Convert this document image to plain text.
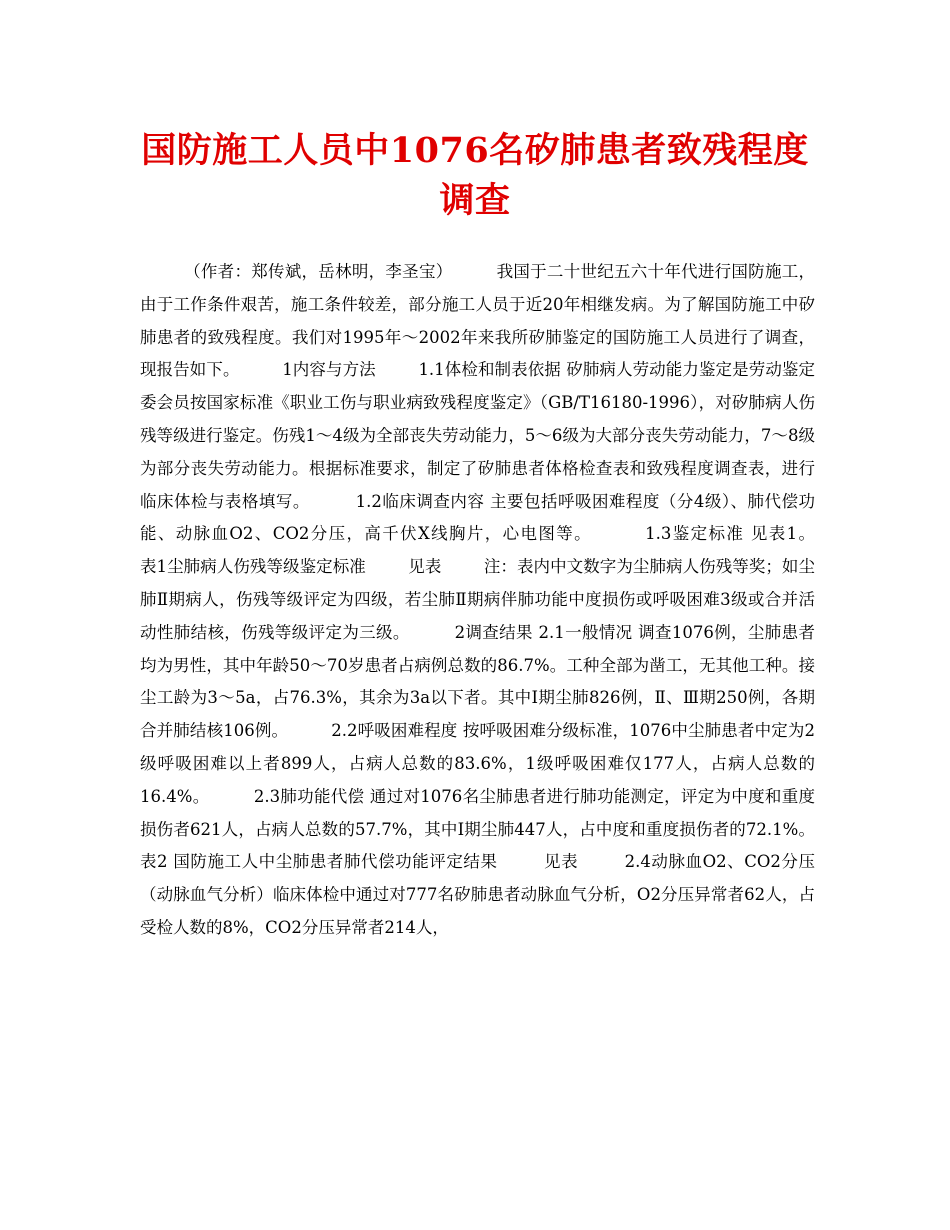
国防施工人员中1076名矽肺患者致残程度调查

（作者：郑传斌，岳林明，李圣宝）        我国于二十世纪五六十年代进行国防施工，由于工作条件艰苦，施工条件较差，部分施工人员于近20年相继发病。为了解国防施工中矽肺患者的致残程度。我们对1995年～2002年来我所矽肺鉴定的国防施工人员进行了调查，现报告如下。        1内容与方法        1.1体检和制表依据 矽肺病人劳动能力鉴定是劳动鉴定委会员按国家标准《职业工伤与职业病致残程度鉴定》（GB/T16180-1996），对矽肺病人伤残等级进行鉴定。伤残1～4级为全部丧失劳动能力，5～6级为大部分丧失劳动能力，7～8级为部分丧失劳动能力。根据标准要求，制定了矽肺患者体格检查表和致残程度调查表，进行临床体检与表格填写。        1.2临床调查内容 主要包括呼吸困难程度（分4级）、肺代偿功能、动脉血O2、CO2分压，高千伏X线胸片，心电图等。        1.3鉴定标准 见表1。        表1尘肺病人伤残等级鉴定标准        见表        注：表内中文数字为尘肺病人伤残等奖；如尘肺Ⅱ期病人，伤残等级评定为四级，若尘肺Ⅱ期病伴肺功能中度损伤或呼吸困难3级或合并活动性肺结核，伤残等级评定为三级。        2调查结果 2.1一般情况 调查1076例，尘肺患者均为男性，其中年龄50～70岁患者占病例总数的86.7%。工种全部为凿工，无其他工种。接尘工龄为3～5a，占76.3%，其余为3a以下者。其中Ⅰ期尘肺826例，Ⅱ、Ⅲ期250例，各期合并肺结核106例。        2.2呼吸困难程度 按呼吸困难分级标准，1076中尘肺患者中定为2级呼吸困难以上者899人，占病人总数的83.6%，1级呼吸困难仅177人，占病人总数的16.4%。        2.3肺功能代偿 通过对1076名尘肺患者进行肺功能测定，评定为中度和重度损伤者621人，占病人总数的57.7%，其中Ⅰ期尘肺447人，占中度和重度损伤者的72.1%。        表2 国防施工人中尘肺患者肺代偿功能评定结果        见表        2.4动脉血O2、CO2分压（动脉血气分析）临床体检中通过对777名矽肺患者动脉血气分析，O2分压异常者62人，占受检人数的8%，CO2分压异常者214人，
